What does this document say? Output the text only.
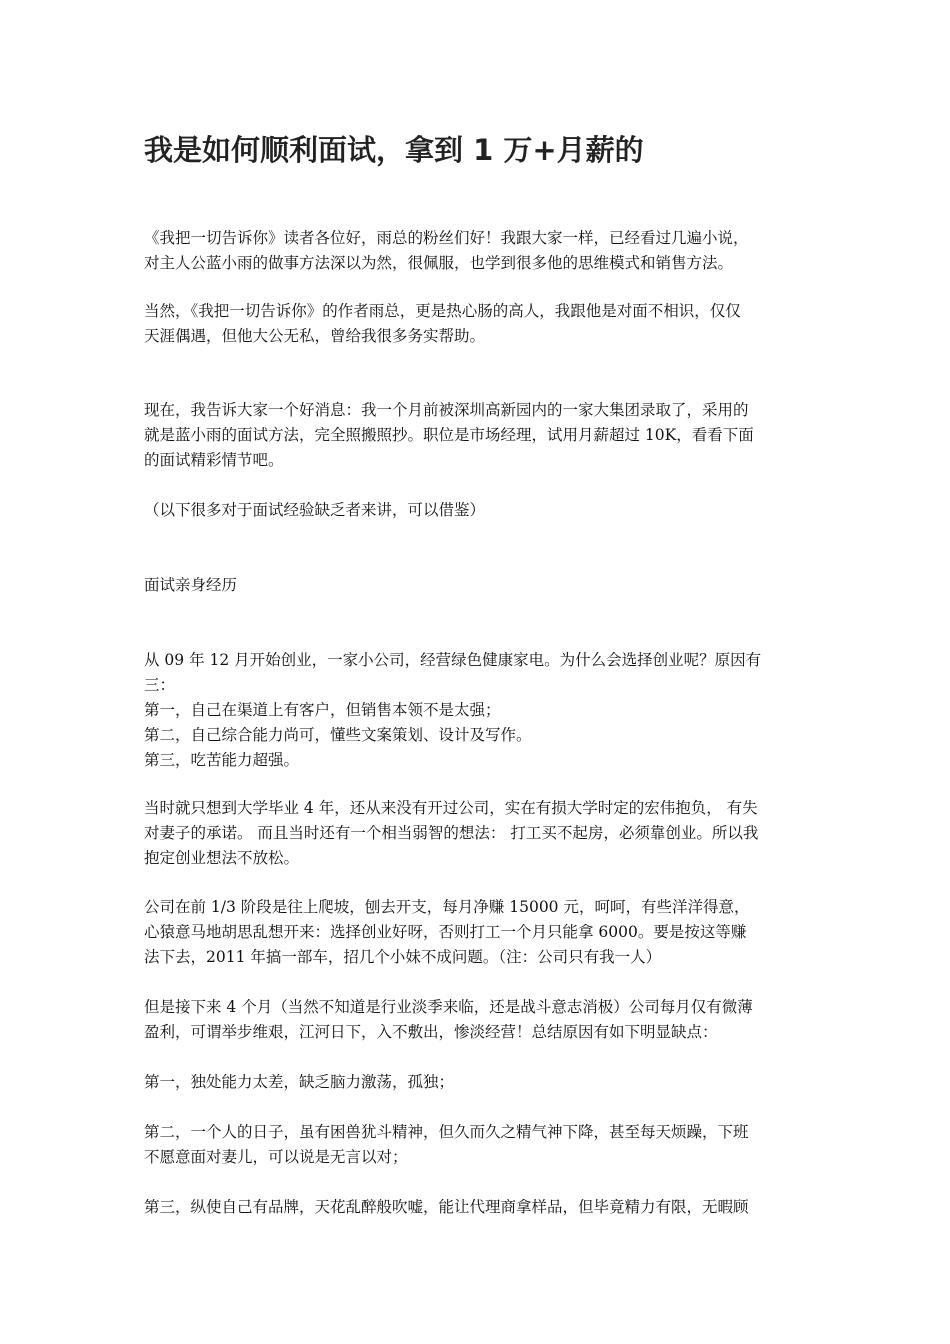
我是如何顺利面试，拿到 1 万+月薪的
《我把一切告诉你》读者各位好，雨总的粉丝们好！我跟大家一样，已经看过几遍小说，
对主人公蓝小雨的做事方法深以为然，很佩服，也学到很多他的思维模式和销售方法。
当然，《我把一切告诉你》的作者雨总，更是热心肠的高人，我跟他是对面不相识，仅仅
天涯偶遇，但他大公无私，曾给我很多务实帮助。
现在，我告诉大家一个好消息：我一个月前被深圳高新园内的一家大集团录取了，采用的
就是蓝小雨的面试方法，完全照搬照抄。职位是市场经理，试用月薪超过 10K，看看下面
的面试精彩情节吧。
（以下很多对于面试经验缺乏者来讲，可以借鉴）
面试亲身经历
从 09 年 12 月开始创业，一家小公司，经营绿色健康家电。为什么会选择创业呢？原因有
三：
第一，自己在渠道上有客户，但销售本领不是太强；
第二，自己综合能力尚可，懂些文案策划、设计及写作。
第三，吃苦能力超强。
当时就只想到大学毕业 4 年，还从来没有开过公司，实在有损大学时定的宏伟抱负， 有失
对妻子的承诺。 而且当时还有一个相当弱智的想法： 打工买不起房，必须靠创业。所以我
抱定创业想法不放松。
公司在前 1/3 阶段是往上爬坡，刨去开支，每月净赚 15000 元，呵呵，有些洋洋得意，
心猿意马地胡思乱想开来：选择创业好呀，否则打工一个月只能拿 6000。要是按这等赚
法下去，2011 年搞一部车，招几个小妹不成问题。（注：公司只有我一人）
但是接下来 4 个月（当然不知道是行业淡季来临，还是战斗意志消极）公司每月仅有微薄
盈利，可谓举步维艰，江河日下，入不敷出，惨淡经营！总结原因有如下明显缺点：
第一，独处能力太差，缺乏脑力激荡，孤独；
第二，一个人的日子，虽有困兽犹斗精神，但久而久之精气神下降，甚至每天烦躁，下班
不愿意面对妻儿，可以说是无言以对；
第三，纵使自己有品牌，天花乱醉般吹嘘，能让代理商拿样品，但毕竟精力有限，无暇顾
